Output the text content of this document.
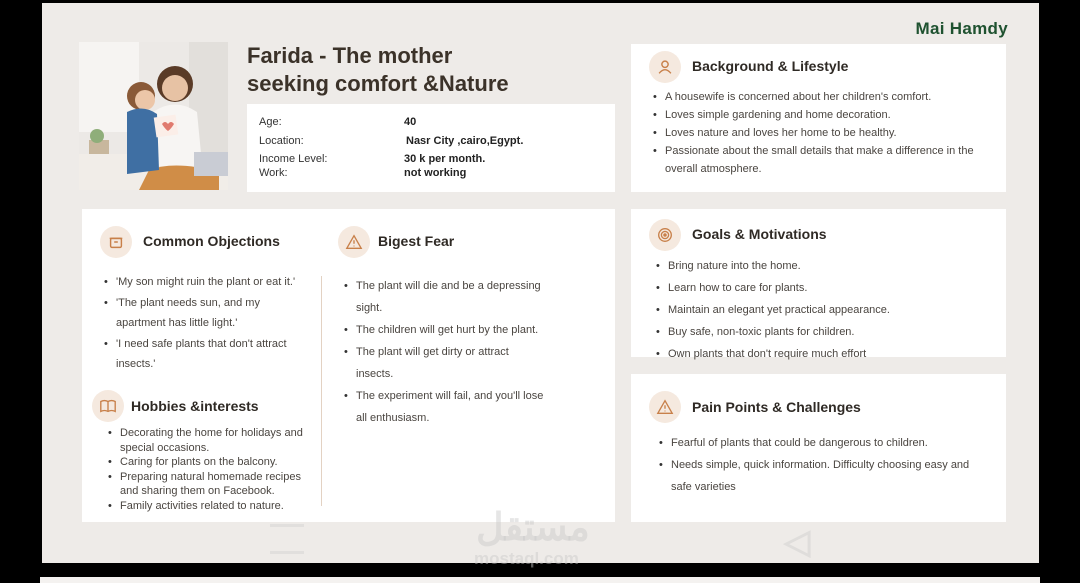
Mai Hamdy
Farida - The mother
seeking comfort &Nature
Age:	40
Location:	Nasr City ,cairo,Egypt.
Income Level:	30 k per month.
Work:	not working
Background & Lifestyle
• A housewife is concerned about her children's comfort.
• Loves simple gardening and home decoration.
• Loves nature and loves her home to be healthy.
• Passionate about the small details that make a difference in the overall atmosphere.
Common Objections
• 'My son might ruin the plant or eat it.'
• 'The plant needs sun, and my apartment has little light.'
• 'I need safe plants that don't attract insects.'
Bigest Fear
• The plant will die and be a depressing sight.
• The children will get hurt by the plant.
• The plant will get dirty or attract insects.
• The experiment will fail, and you'll lose all enthusiasm.
Hobbies &interests
• Decorating the home for holidays and special occasions.
• Caring for plants on the balcony.
• Preparing natural homemade recipes and sharing them on Facebook.
• Family activities related to nature.
Goals & Motivations
• Bring nature into the home.
• Learn how to care for plants.
• Maintain an elegant yet practical appearance.
• Buy safe, non-toxic plants for children.
• Own plants that don't require much effort
Pain Points & Challenges
• Fearful of plants that could be dangerous to children.
• Needs simple, quick information. Difficulty choosing easy and safe varieties
مستقل
mostaql.com	◁
